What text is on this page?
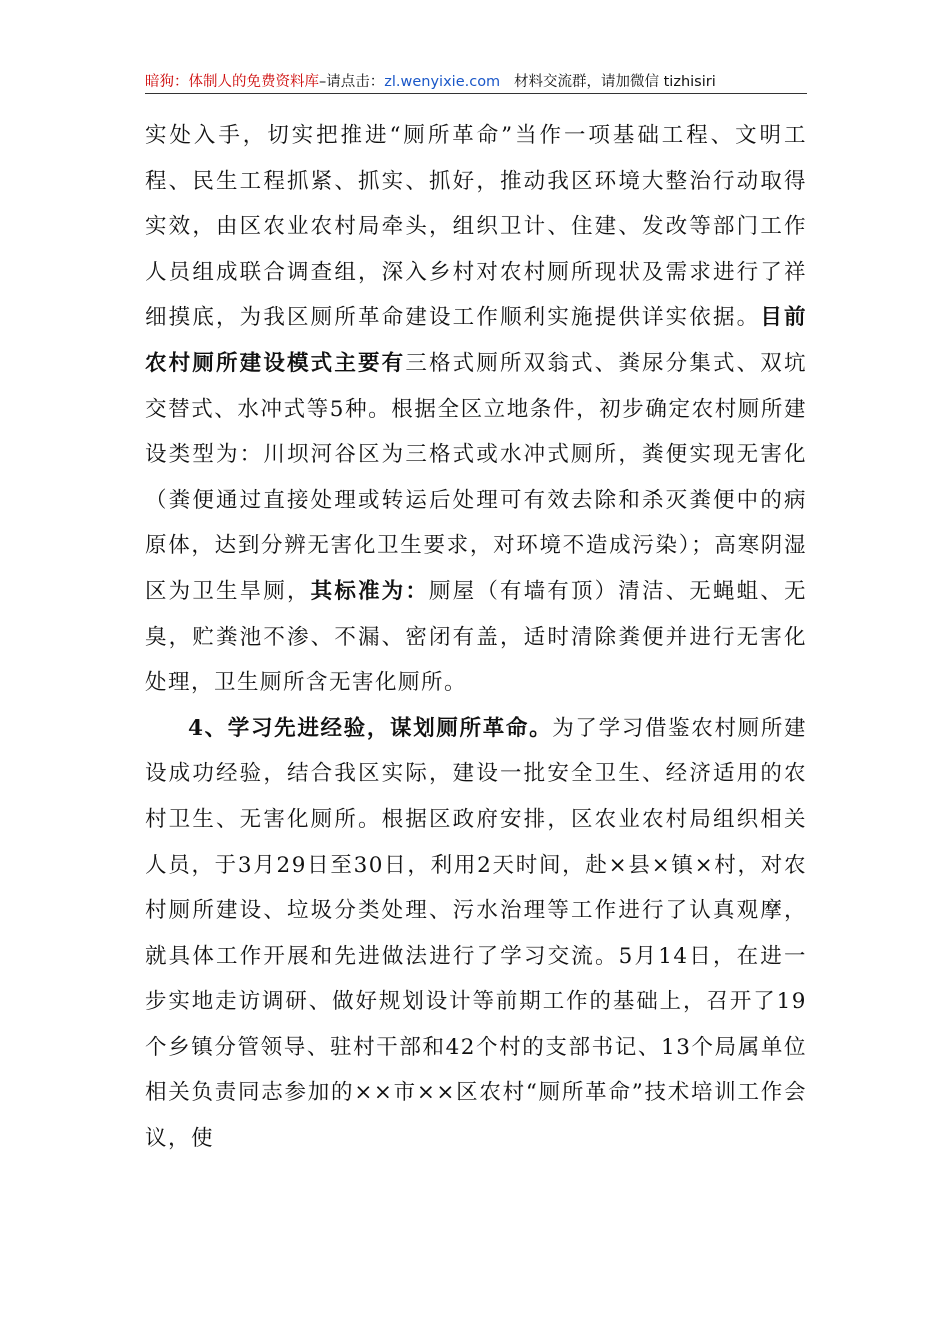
暗狗：体制人的免费资料库–请点击：zl.wenyixie.com 材料交流群，请加微信 tizhisiri

实处入手，切实把推进“厕所革命”当作一项基础工程、文明工程、民生工程抓紧、抓实、抓好，推动我区环境大整治行动取得实效，由区农业农村局牵头，组织卫计、住建、发改等部门工作人员组成联合调查组，深入乡村对农村厕所现状及需求进行了祥细摸底，为我区厕所革命建设工作顺利实施提供详实依据。目前农村厕所建设模式主要有三格式厕所双翁式、粪尿分集式、双坑交替式、水冲式等5种。根据全区立地条件，初步确定农村厕所建设类型为：川坝河谷区为三格式或水冲式厕所，粪便实现无害化（粪便通过直接处理或转运后处理可有效去除和杀灭粪便中的病原体，达到分辨无害化卫生要求，对环境不造成污染）；高寒阴湿区为卫生旱厕，其标准为：厕屋（有墙有顶）清洁、无蝇蛆、无臭，贮粪池不渗、不漏、密闭有盖，适时清除粪便并进行无害化处理，卫生厕所含无害化厕所。

4、学习先进经验，谋划厕所革命。为了学习借鉴农村厕所建设成功经验，结合我区实际，建设一批安全卫生、经济适用的农村卫生、无害化厕所。根据区政府安排，区农业农村局组织相关人员，于3月29日至30日，利用2天时间，赴×县×镇×村，对农村厕所建设、垃圾分类处理、污水治理等工作进行了认真观摩，就具体工作开展和先进做法进行了学习交流。5月14日，在进一步实地走访调研、做好规划设计等前期工作的基础上，召开了19个乡镇分管领导、驻村干部和42个村的支部书记、13个局属单位相关负责同志参加的××市××区农村“厕所革命”技术培训工作会议，使
